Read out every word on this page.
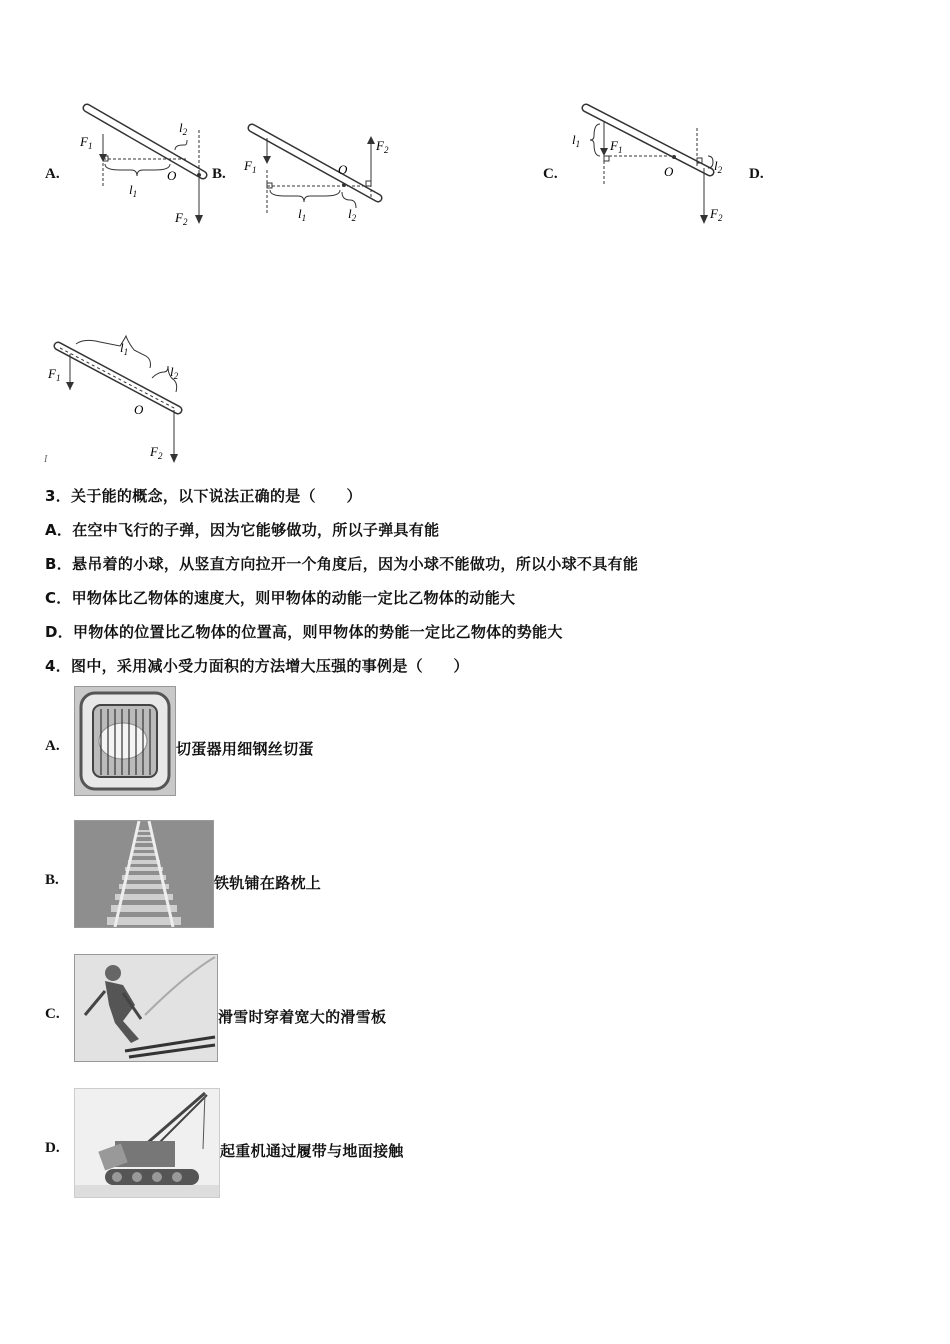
A.	B.	C.	D.
$F_1$
$l_1$
$l_2$
O
$F_2$
$F_1$
$l_1$	$l_2$
O
$F_2$
$l_1$ $F_1$
O	$l_2$
$F_2$
$F_1$
$l_1$
$l_2$
O
$F_2$
I
3．关于能的概念，以下说法正确的是（　　）
A．在空中飞行的子弹，因为它能够做功，所以子弹具有能
B．悬吊着的小球，从竖直方向拉开一个角度后，因为小球不能做功，所以小球不具有能
C．甲物体比乙物体的速度大，则甲物体的动能一定比乙物体的动能大
D．甲物体的位置比乙物体的位置高，则甲物体的势能一定比乙物体的势能大
4．图中，采用减小受力面积的方法增大压强的事例是（　　）
A.	切蛋器用细钢丝切蛋
B.	铁轨铺在路枕上
C.	滑雪时穿着宽大的滑雪板
D.	起重机通过履带与地面接触
